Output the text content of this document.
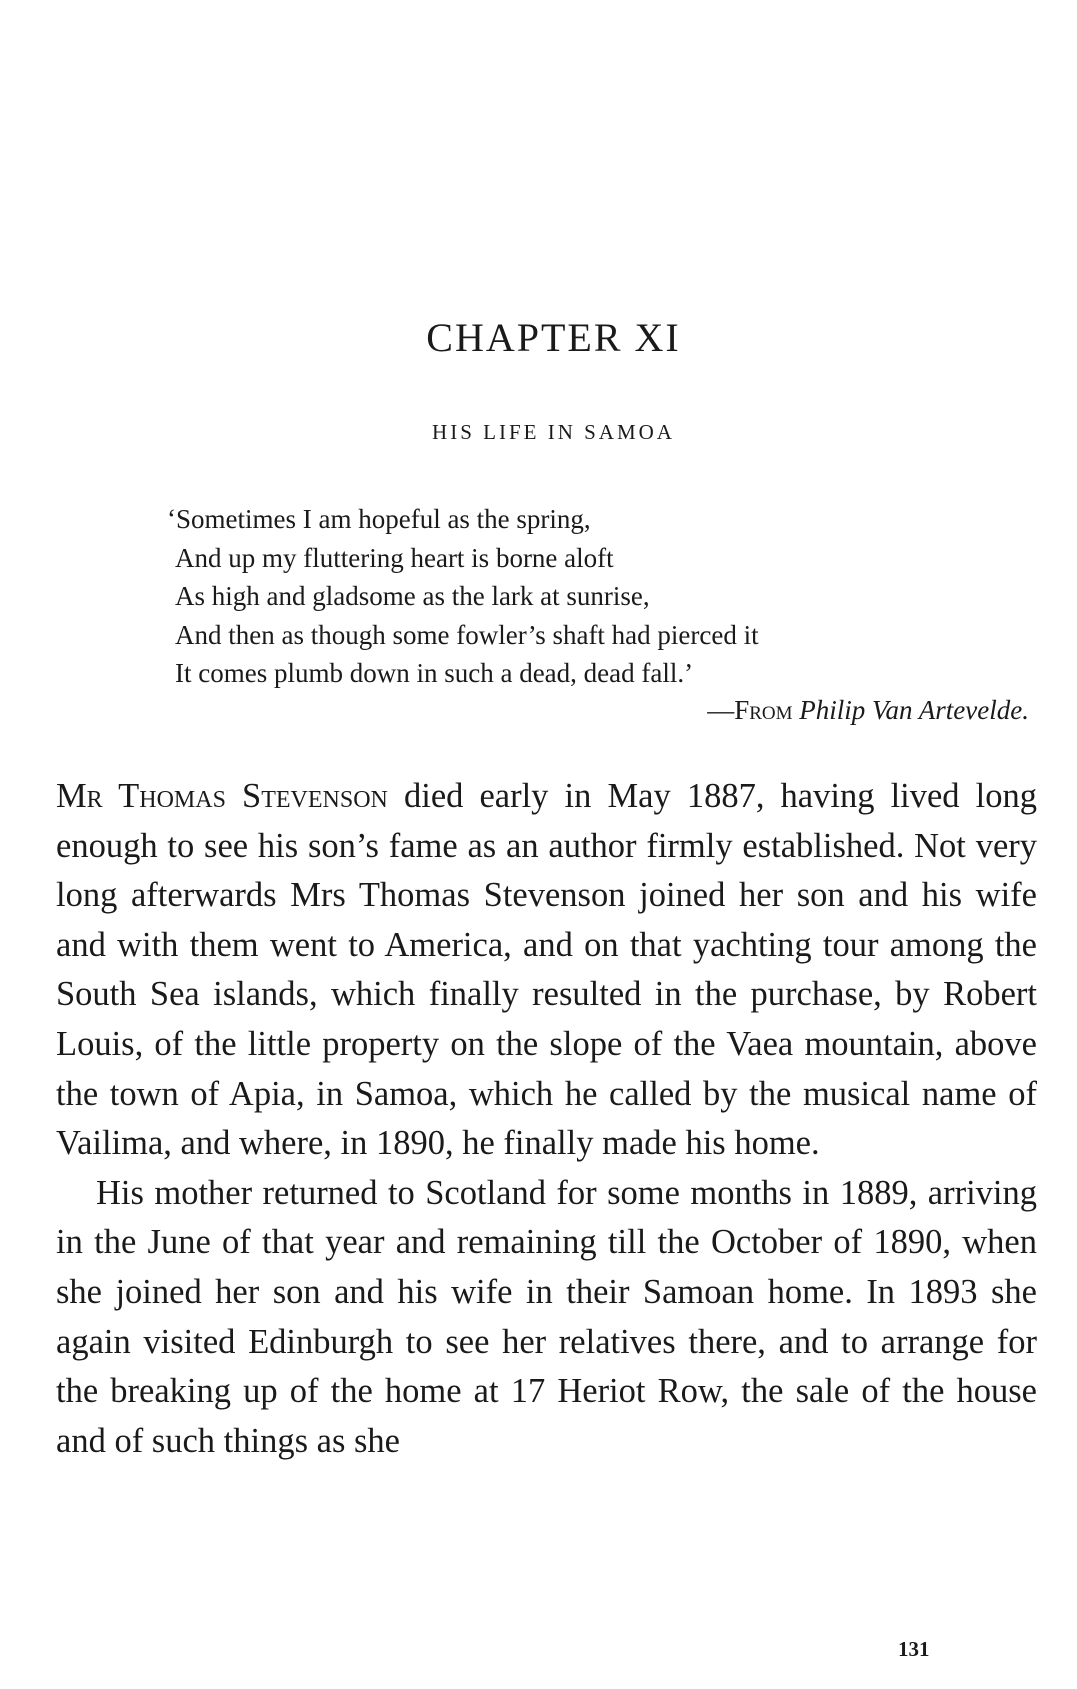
CHAPTER XI
HIS LIFE IN SAMOA
‘Sometimes I am hopeful as the spring,
And up my fluttering heart is borne aloft
As high and gladsome as the lark at sunrise,
And then as though some fowler’s shaft had pierced it
It comes plumb down in such a dead, dead fall.’
—From Philip Van Artevelde.

Mr Thomas Stevenson died early in May 1887, having lived long enough to see his son’s fame as an author firmly established. Not very long afterwards Mrs Thomas Stevenson joined her son and his wife and with them went to America, and on that yachting tour among the South Sea islands, which finally resulted in the purchase, by Robert Louis, of the little property on the slope of the Vaea mountain, above the town of Apia, in Samoa, which he called by the musical name of Vailima, and where, in 1890, he finally made his home.

His mother returned to Scotland for some months in 1889, arriving in the June of that year and remaining till the October of 1890, when she joined her son and his wife in their Samoan home. In 1893 she again visited Edinburgh to see her relatives there, and to arrange for the breaking up of the home at 17 Heriot Row, the sale of the house and of such things as she

131
